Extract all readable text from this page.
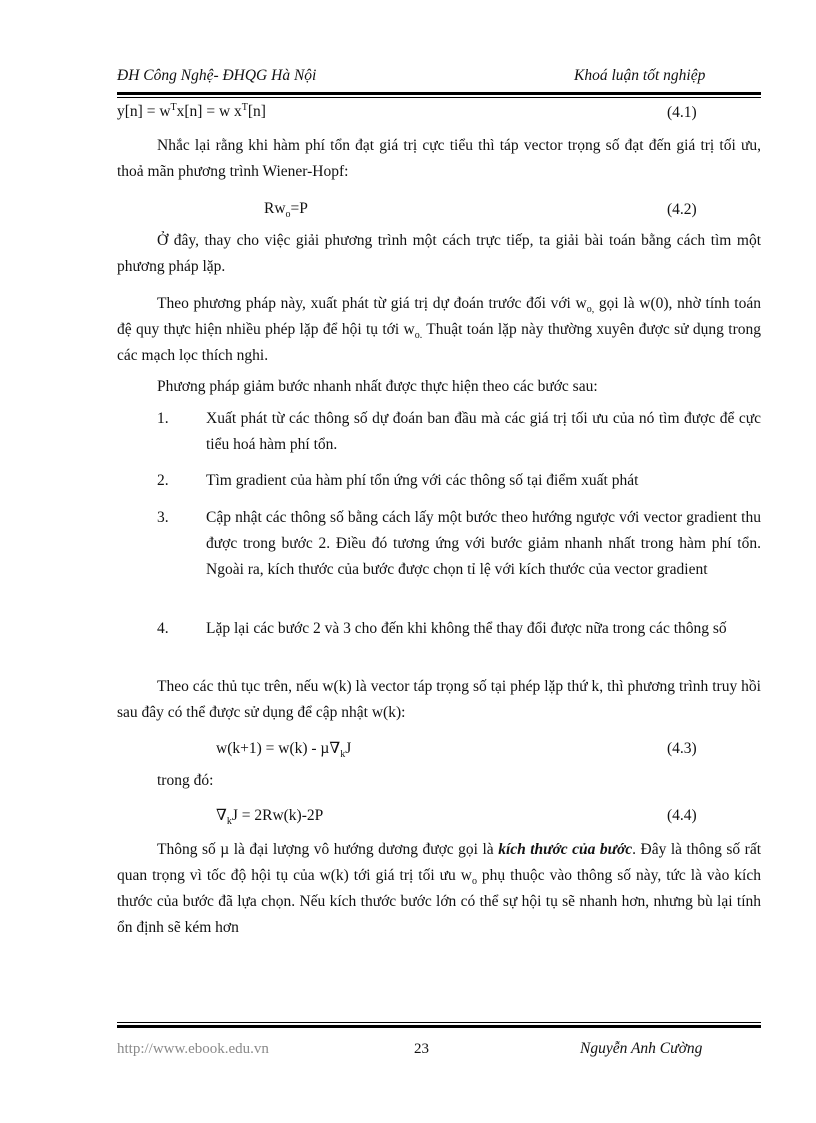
ĐH Công Nghệ- ĐHQG Hà Nội	Khoá luận tốt nghiệp
$y[n] = w^Tx[n] = w$ $x^T[n]$	(4.1)
Nhắc lại rằng khi hàm phí tổn đạt giá trị cực tiểu thì táp vector trọng số đạt đến giá trị tối ưu, thoả mãn phương trình Wiener-Hopf:
$Rw_o=P$	(4.2)
Ở đây, thay cho việc giải phương trình một cách trực tiếp, ta giải bài toán bằng cách tìm một phương pháp lặp.
Theo phương pháp này, xuất phát từ giá trị dự đoán trước đối với $w_{o,}$ gọi là w(0), nhờ tính toán đệ quy thực hiện nhiều phép lặp để hội tụ tới $w_{o.}$ Thuật toán lặp này thường xuyên được sử dụng trong các mạch lọc thích nghi.
Phương pháp giảm bước nhanh nhất được thực hiện theo các bước sau:
1. Xuất phát từ các thông số dự đoán ban đầu mà các giá trị tối ưu của nó tìm được để cực tiểu hoá hàm phí tổn.
2. Tìm gradient của hàm phí tổn ứng với các thông số tại điểm xuất phát
3. Cập nhật các thông số bằng cách lấy một bước theo hướng ngược với vector gradient thu được trong bước 2. Điều đó tương ứng với bước giảm nhanh nhất trong hàm phí tổn. Ngoài ra, kích thước của bước được chọn tỉ lệ với kích thước của vector gradient
4. Lặp lại các bước 2 và 3 cho đến khi không thể thay đổi được nữa trong các thông số
Theo các thủ tục trên, nếu w(k) là vector táp trọng số tại phép lặp thứ k, thì phương trình truy hồi sau đây có thể được sử dụng để cập nhật w(k):
$w(k+1) = w(k) - \mu\nabla_kJ$	(4.3)
trong đó:
$\nabla_kJ = 2Rw(k)-2P$	(4.4)
Thông số µ là đại lượng vô hướng dương được gọi là kích thước của bước. Đây là thông số rất quan trọng vì tốc độ hội tụ của w(k) tới giá trị tối ưu $w_o$ phụ thuộc vào thông số này, tức là vào kích thước của bước đã lựa chọn. Nếu kích thước bước lớn có thể sự hội tụ sẽ nhanh hơn, nhưng bù lại tính ổn định sẽ kém hơn
http://www.ebook.edu.vn	23	Nguyễn Anh Cường
